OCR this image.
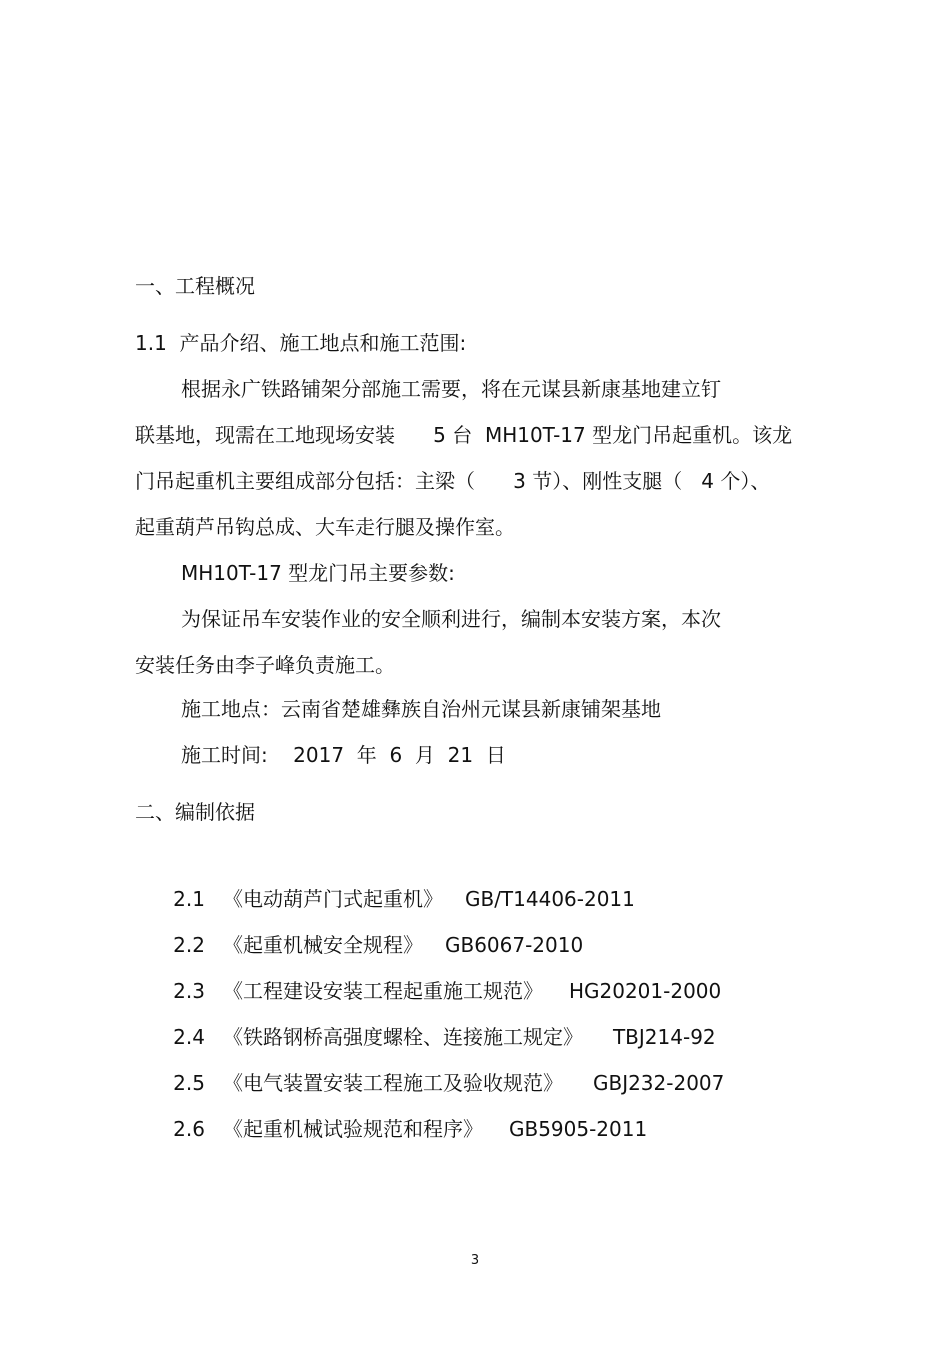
一、工程概况
1.1  产品介绍、施工地点和施工范围:
根据永广铁路铺架分部施工需要，将在元谋县新康基地建立钉
联基地，现需在工地现场安装      5 台  MH10T-17 型龙门吊起重机。该龙
门吊起重机主要组成部分包括：主梁（      3 节）、刚性支腿（   4 个）、
起重葫芦吊钩总成、大车走行腿及操作室。
MH10T-17 型龙门吊主要参数:
为保证吊车安装作业的安全顺利进行，编制本安装方案，本次
安装任务由李子峰负责施工。
施工地点：云南省楚雄彝族自治州元谋县新康铺架基地
施工时间:    2017  年  6  月  21  日
二、编制依据

2.1 《电动葫芦门式起重机》 GB/T14406-2011

2.2 《起重机械安全规程》 GB6067-2010

2.3 《工程建设安装工程起重施工规范》 HG20201-2000

2.4 《铁路钢桥高强度螺栓、连接施工规定》 TBJ214-92

2.5 《电气装置安装工程施工及验收规范》 GBJ232-2007

2.6 《起重机械试验规范和程序》 GB5905-2011

3
